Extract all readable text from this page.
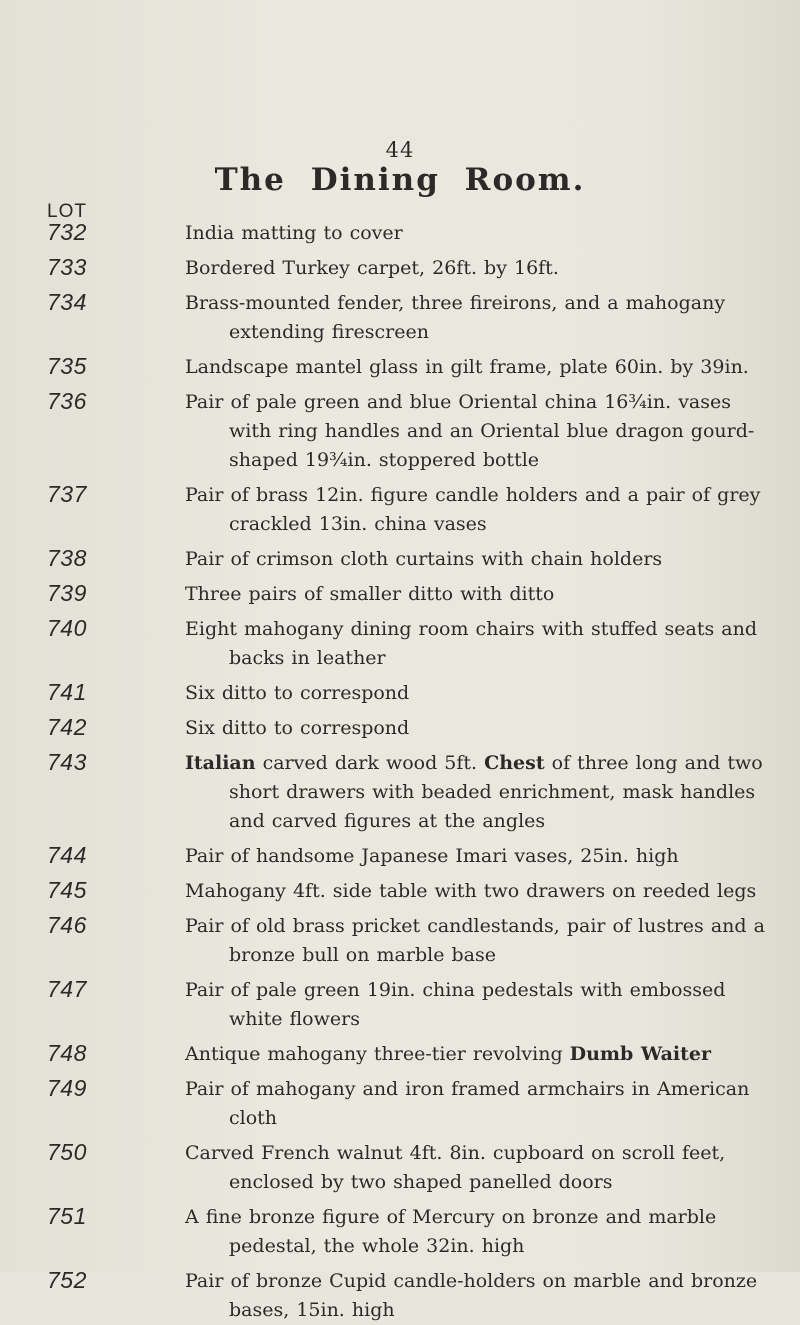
44
The Dining Room.
LOT
732	India matting to cover
733	Bordered Turkey carpet, 26ft. by 16ft.
734	Brass-mounted fender, three fireirons, and a mahogany extending firescreen
735	Landscape mantel glass in gilt frame, plate 60in. by 39in.
736	Pair of pale green and blue Oriental china 16¾in. vases with ring handles and an Oriental blue dragon gourd-shaped 19¾in. stoppered bottle
737	Pair of brass 12in. figure candle holders and a pair of grey crackled 13in. china vases
738	Pair of crimson cloth curtains with chain holders
739	Three pairs of smaller ditto with ditto
740	Eight mahogany dining room chairs with stuffed seats and backs in leather
741	Six ditto to correspond
742	Six ditto to correspond
743	Italian carved dark wood 5ft. Chest of three long and two short drawers with beaded enrichment, mask handles and carved figures at the angles
744	Pair of handsome Japanese Imari vases, 25in. high
745	Mahogany 4ft. side table with two drawers on reeded legs
746	Pair of old brass pricket candlestands, pair of lustres and a bronze bull on marble base
747	Pair of pale green 19in. china pedestals with embossed white flowers
748	Antique mahogany three-tier revolving Dumb Waiter
749	Pair of mahogany and iron framed armchairs in American cloth
750	Carved French walnut 4ft. 8in. cupboard on scroll feet, enclosed by two shaped panelled doors
751	A fine bronze figure of Mercury on bronze and marble pedestal, the whole 32in. high
752	Pair of bronze Cupid candle-holders on marble and bronze bases, 15in. high
